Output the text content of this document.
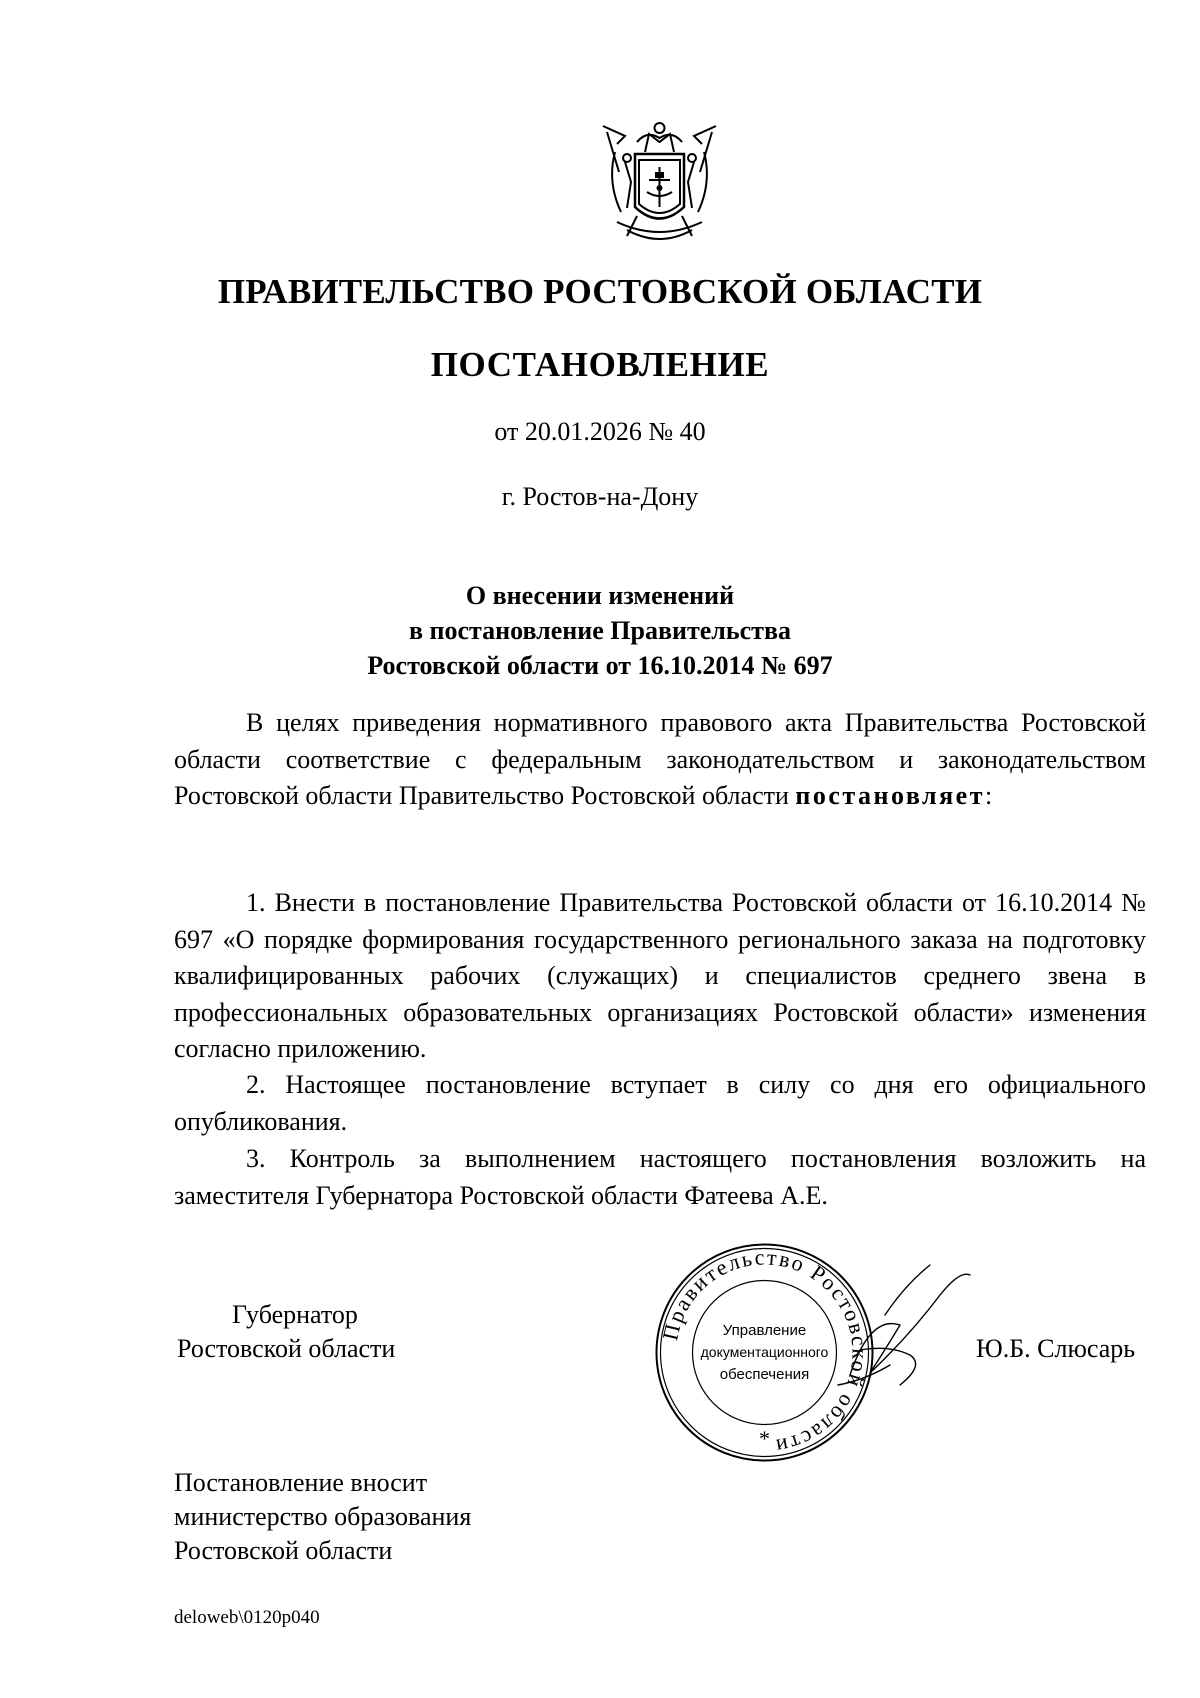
ПРАВИТЕЛЬСТВО РОСТОВСКОЙ ОБЛАСТИ
ПОСТАНОВЛЕНИЕ
от 20.01.2026 № 40
г. Ростов-на-Дону
О внесении изменений
в постановление Правительства
Ростовской области от 16.10.2014 № 697

В целях приведения нормативного правового акта Правительства Ростовской области соответствие с федеральным законодательством и законодательством Ростовской области Правительство Ростовской области постановляет:

1. Внести в постановление Правительства Ростовской области от 16.10.2014 № 697 «О порядке формирования государственного регионального заказа на подготовку квалифицированных рабочих (служащих) и специалистов среднего звена в профессиональных образовательных организациях Ростовской области» изменения согласно приложению.

2. Настоящее постановление вступает в силу со дня его официального опубликования.

3. Контроль за выполнением настоящего постановления возложить на заместителя Губернатора Ростовской области Фатеева А.Е.

Правительство Ростовской области
Управление
документационного
обеспечения
*
Губернатор
Ростовской области	Ю.Б. Слюсарь
Постановление вносит
министерство образования
Ростовской области
deloweb\0120p040
